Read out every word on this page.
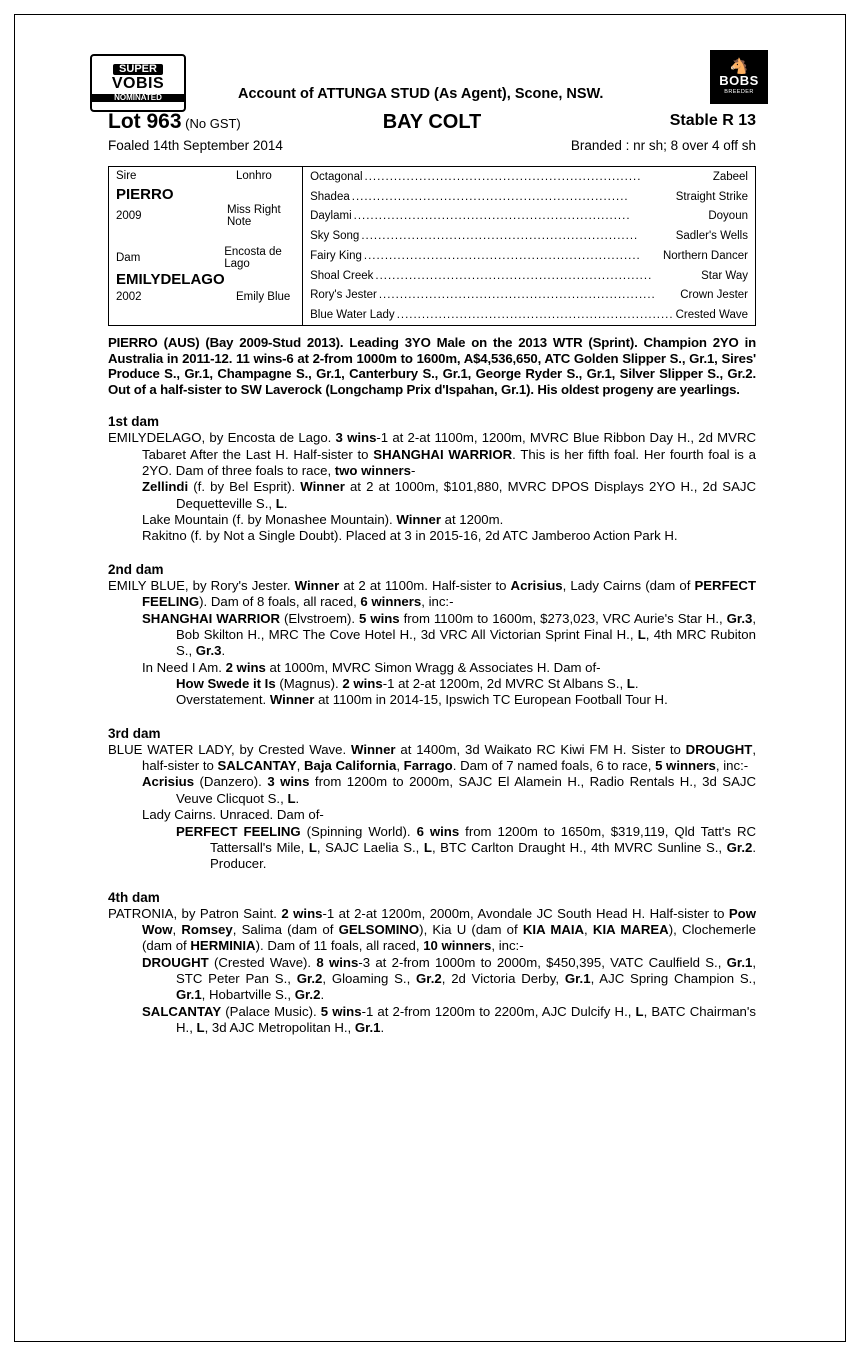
SUPER
VOBIS
NOMINATED	Account of ATTUNGA STUD (As Agent), Scone, NSW.
🐴
BOBS
BREEDER
Lot 963 (No GST)	BAY COLT	Stable R 13
Foaled 14th September 2014	Branded : nr sh; 8 over 4 off sh
Sire	Lonhro
PIERRO
2009	Miss Right Note
Dam	Encosta de Lago
EMILYDELAGO
2002	Emily Blue
Octagonal ..................................................................	Zabeel
Shadea ..................................................................	Straight Strike
Daylami ..................................................................	Doyoun
Sky Song ..................................................................	Sadler's Wells
Fairy King ..................................................................	Northern Dancer
Shoal Creek ..................................................................	Star Way
Rory's Jester ..................................................................	Crown Jester
Blue Water Lady .................................................................. Crested Wave
PIERRO (AUS) (Bay 2009-Stud 2013). Leading 3YO Male on the 2013 WTR (Sprint). Champion 2YO in Australia in 2011-12. 11 wins-6 at 2-from 1000m to 1600m, A$4,536,650, ATC Golden Slipper S., Gr.1, Sires' Produce S., Gr.1, Champagne S., Gr.1, Canterbury S., Gr.1, George Ryder S., Gr.1, Silver Slipper S., Gr.2. Out of a half-sister to SW Laverock (Longchamp Prix d'Ispahan, Gr.1). His oldest progeny are yearlings.
1st dam

EMILYDELAGO, by Encosta de Lago. 3 wins-1 at 2-at 1100m, 1200m, MVRC Blue Ribbon Day H., 2d MVRC Tabaret After the Last H. Half-sister to SHANGHAI WARRIOR. This is her fifth foal. Her fourth foal is a 2YO. Dam of three foals to race, two winners-

Zellindi (f. by Bel Esprit). Winner at 2 at 1000m, $101,880, MVRC DPOS Displays 2YO H., 2d SAJC Dequetteville S., L.

Lake Mountain (f. by Monashee Mountain). Winner at 1200m.

Rakitno (f. by Not a Single Doubt). Placed at 3 in 2015-16, 2d ATC Jamberoo Action Park H.

2nd dam

EMILY BLUE, by Rory's Jester. Winner at 2 at 1100m. Half-sister to Acrisius, Lady Cairns (dam of PERFECT FEELING). Dam of 8 foals, all raced, 6 winners, inc:-

SHANGHAI WARRIOR (Elvstroem). 5 wins from 1100m to 1600m, $273,023, VRC Aurie's Star H., Gr.3, Bob Skilton H., MRC The Cove Hotel H., 3d VRC All Victorian Sprint Final H., L, 4th MRC Rubiton S., Gr.3.

In Need I Am. 2 wins at 1000m, MVRC Simon Wragg & Associates H. Dam of-

How Swede it Is (Magnus). 2 wins-1 at 2-at 1200m, 2d MVRC St Albans S., L.

Overstatement. Winner at 1100m in 2014-15, Ipswich TC European Football Tour H.

3rd dam

BLUE WATER LADY, by Crested Wave. Winner at 1400m, 3d Waikato RC Kiwi FM H. Sister to DROUGHT, half-sister to SALCANTAY, Baja California, Farrago. Dam of 7 named foals, 6 to race, 5 winners, inc:-

Acrisius (Danzero). 3 wins from 1200m to 2000m, SAJC El Alamein H., Radio Rentals H., 3d SAJC Veuve Clicquot S., L.

Lady Cairns. Unraced. Dam of-

PERFECT FEELING (Spinning World). 6 wins from 1200m to 1650m, $319,119, Qld Tatt's RC Tattersall's Mile, L, SAJC Laelia S., L, BTC Carlton Draught H., 4th MVRC Sunline S., Gr.2. Producer.

4th dam

PATRONIA, by Patron Saint. 2 wins-1 at 2-at 1200m, 2000m, Avondale JC South Head H. Half-sister to Pow Wow, Romsey, Salima (dam of GELSOMINO), Kia U (dam of KIA MAIA, KIA MAREA), Clochemerle (dam of HERMINIA). Dam of 11 foals, all raced, 10 winners, inc:-

DROUGHT (Crested Wave). 8 wins-3 at 2-from 1000m to 2000m, $450,395, VATC Caulfield S., Gr.1, STC Peter Pan S., Gr.2, Gloaming S., Gr.2, 2d Victoria Derby, Gr.1, AJC Spring Champion S., Gr.1, Hobartville S., Gr.2.

SALCANTAY (Palace Music). 5 wins-1 at 2-from 1200m to 2200m, AJC Dulcify H., L, BATC Chairman's H., L, 3d AJC Metropolitan H., Gr.1.
